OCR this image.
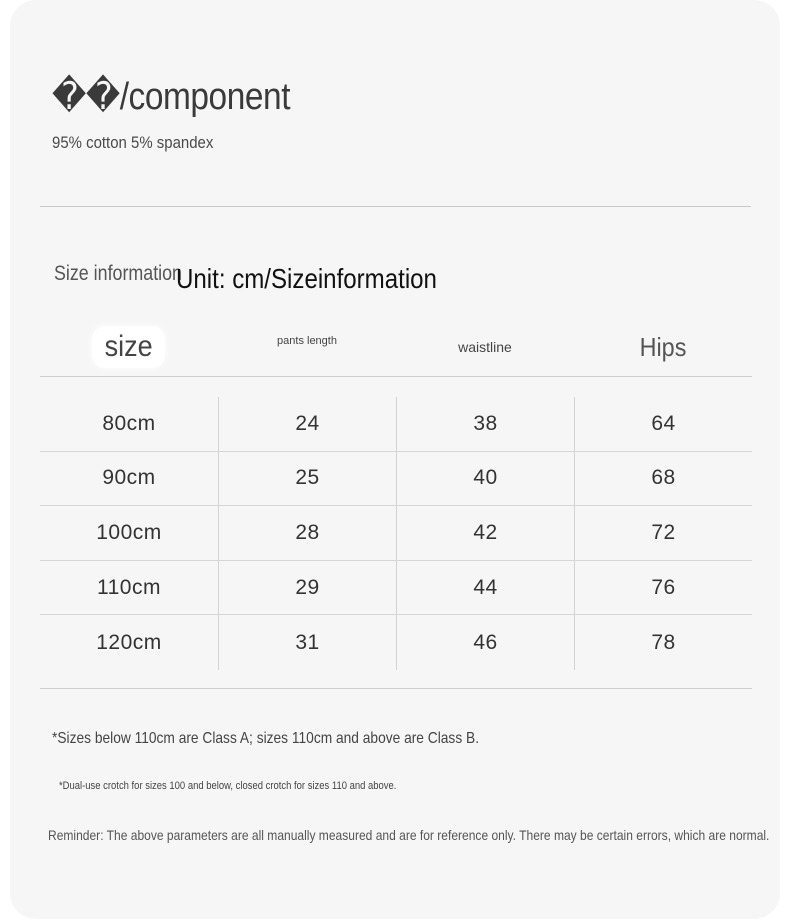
��/component
95% cotton 5% spandex
Size information
Unit: cm/Sizeinformation
size	pants length	waistline	Hips
80cm	24	38	64
90cm	25	40	68
100cm	28	42	72
110cm	29	44	76
120cm	31	46	78
*Sizes below 110cm are Class A; sizes 110cm and above are Class B.
*Dual-use crotch for sizes 100 and below, closed crotch for sizes 110 and above.
Reminder: The above parameters are all manually measured and are for reference only. There may be certain errors, which are normal.
